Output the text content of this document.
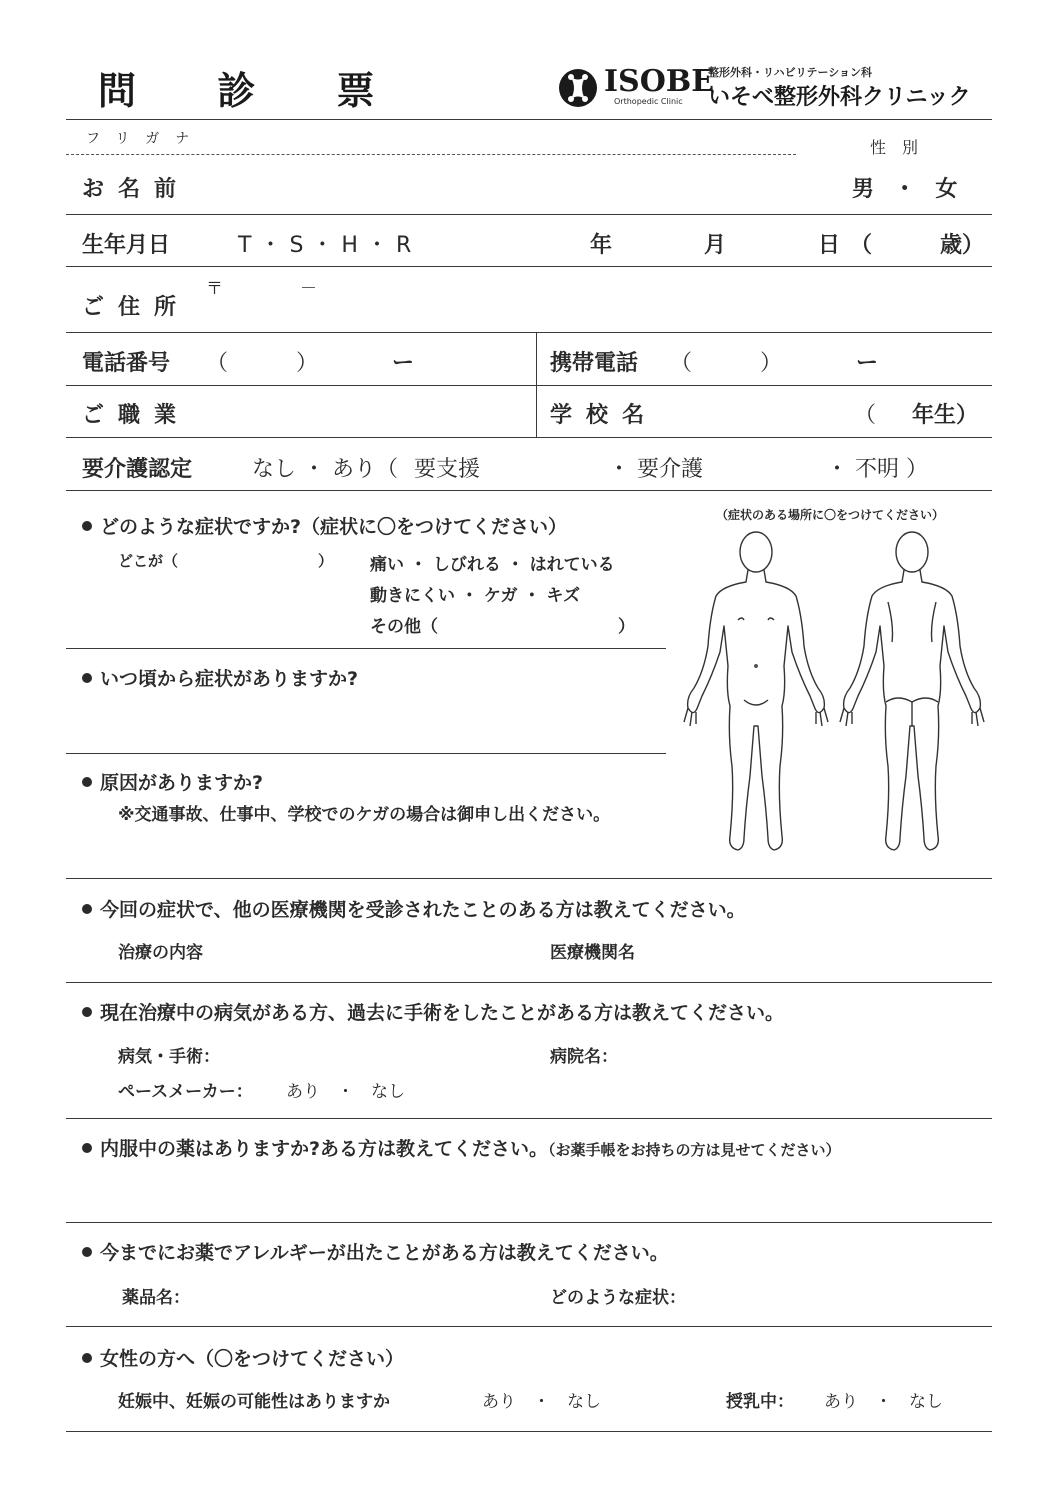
問 診 票	ISOBE
Orthopedic Clinic
整形外科・リハビリテーション科
いそべ整形外科クリニック
フリガナ	性　別
お名前	男 ・ 女
生年月日	T・S・H・R	年	月	日 （	歳）
ご住所
〒	－
電話番号 （	）	ー	携帯電話 （	）	ー
ご職業	学校名	（ 年生）
要介護認定	なし ・ あり（ 要支援	・ 要介護	・ 不明 ）
どのような症状ですか?（症状に〇をつけてください）
どこが（	） 痛い ・ しびれる ・ はれている
動きにくい ・ ケガ ・ キズ
その他（	）
（症状のある場所に〇をつけてください）
いつ頃から症状がありますか?
原因がありますか?
※交通事故、仕事中、学校でのケガの場合は御申し出ください。
今回の症状で、他の医療機関を受診されたことのある方は教えてください。
治療の内容	医療機関名
現在治療中の病気がある方、過去に手術をしたことがある方は教えてください。
病気・手術：	病院名：
ペースメーカー： あり　・　なし
内服中の薬はありますか?ある方は教えてください。（お薬手帳をお持ちの方は見せてください）
今までにお薬でアレルギーが出たことがある方は教えてください。
薬品名：	どのような症状：
女性の方へ（〇をつけてください）
妊娠中、妊娠の可能性はありますか	あり　・　なし	授乳中： あり　・　なし
